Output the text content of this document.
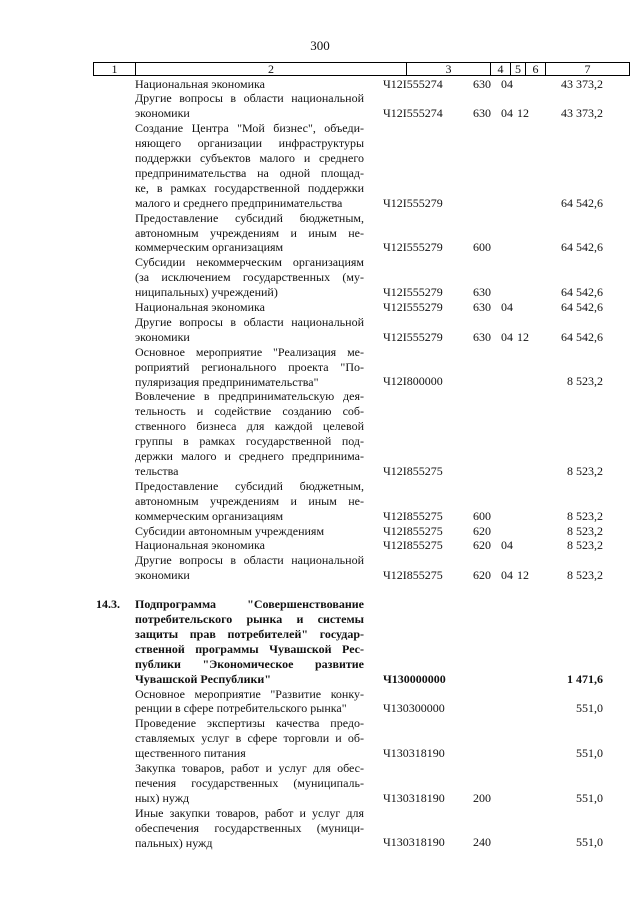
300
1	2	3	4 5 6	7
Национальная экономика	Ч12I555274	630 04	43 373,2
Другие вопросы в области национальной
экономики	Ч12I555274	630 04 12	43 373,2
Создание Центра "Мой бизнес", объеди-
няющего организации инфраструктуры
поддержки субъектов малого и среднего
предпринимательства на одной площад-
ке, в рамках государственной поддержки
малого и среднего предпринимательства	Ч12I555279	64 542,6
Предоставление субсидий бюджетным,
автономным учреждениям и иным не-
коммерческим организациям	Ч12I555279	600	64 542,6
Субсидии некоммерческим организациям
(за исключением государственных (му-
ниципальных) учреждений)	Ч12I555279	630	64 542,6
Национальная экономика	Ч12I555279	630 04	64 542,6
Другие вопросы в области национальной
экономики	Ч12I555279	630 04 12	64 542,6
Основное мероприятие "Реализация ме-
роприятий регионального проекта "По-
пуляризация предпринимательства"	Ч12I800000	8 523,2
Вовлечение в предпринимательскую дея-
тельность и содействие созданию соб-
ственного бизнеса для каждой целевой
группы в рамках государственной под-
держки малого и среднего предпринима-
тельства	Ч12I855275	8 523,2
Предоставление субсидий бюджетным,
автономным учреждениям и иным не-
коммерческим организациям	Ч12I855275	600	8 523,2
Субсидии автономным учреждениям	Ч12I855275	620	8 523,2
Национальная экономика	Ч12I855275	620 04	8 523,2
Другие вопросы в области национальной
экономики	Ч12I855275	620 04 12	8 523,2
14.3.	Подпрограмма "Совершенствование
потребительского рынка и системы
защиты прав потребителей" государ-
ственной программы Чувашской Рес-
публики "Экономическое развитие
Чувашской Республики"	Ч130000000	1 471,6
Основное мероприятие "Развитие конку-
ренции в сфере потребительского рынка"	Ч130300000	551,0
Проведение экспертизы качества предо-
ставляемых услуг в сфере торговли и об-
щественного питания	Ч130318190	551,0
Закупка товаров, работ и услуг для обес-
печения государственных (муниципаль-
ных) нужд	Ч130318190 200	551,0
Иные закупки товаров, работ и услуг для
обеспечения государственных (муници-
пальных) нужд	Ч130318190 240	551,0
